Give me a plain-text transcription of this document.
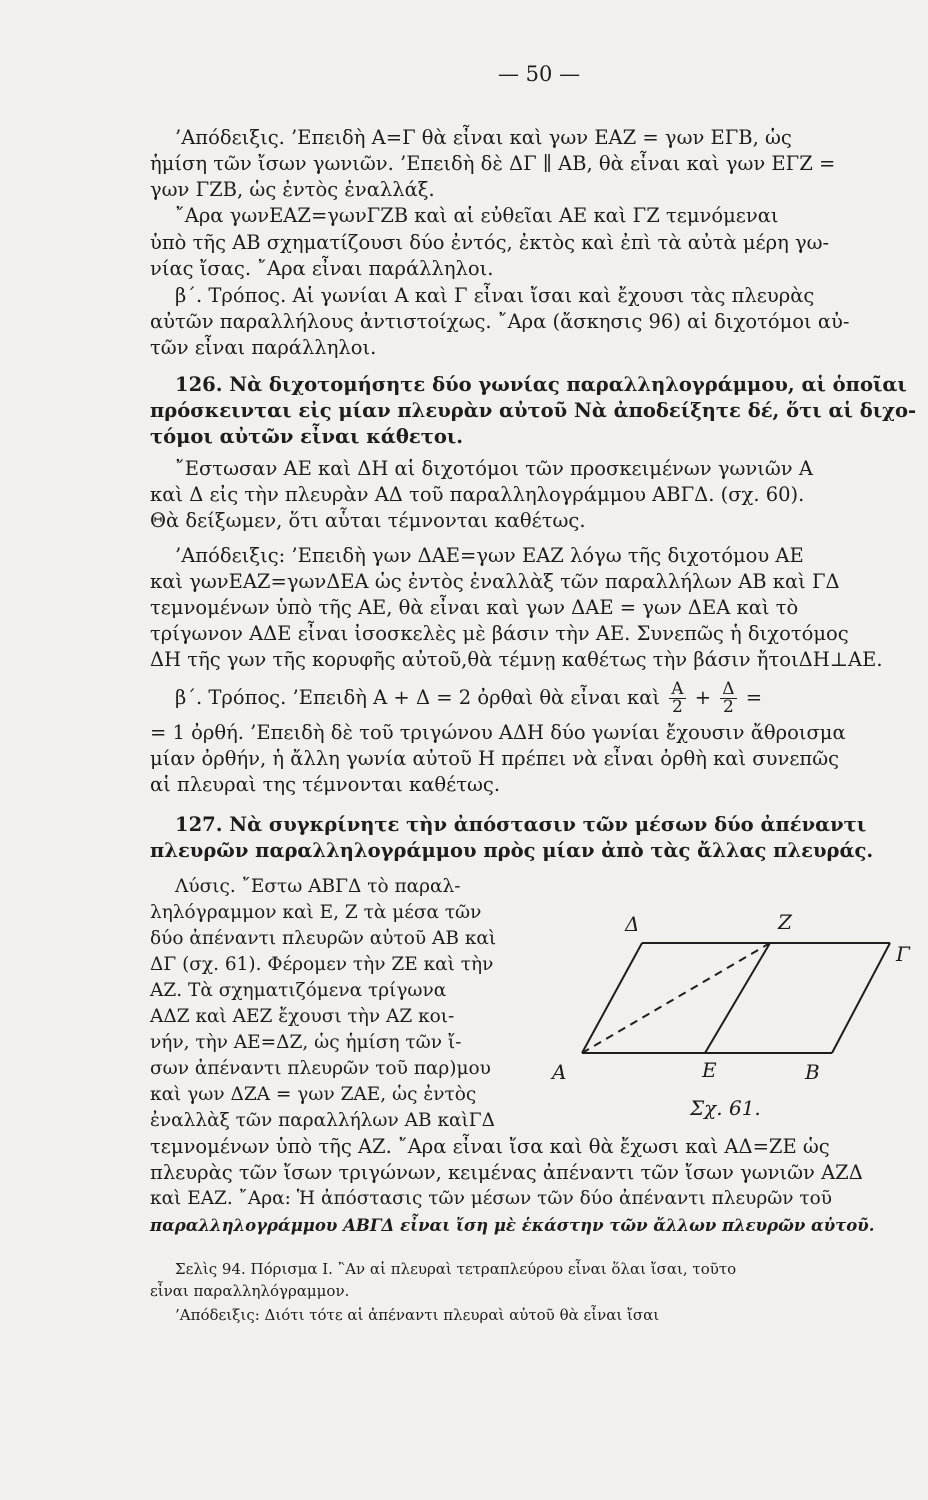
— 50 —
’Απόδειξις. ’Επειδὴ Α=Γ θὰ εἶναι καὶ γων ΕΑΖ = γων ΕΓΒ, ὡς
ἡμίση τῶν ἴσων γωνιῶν. ’Επειδὴ δὲ ΔΓ ∥ ΑΒ, θὰ εἶναι καὶ γων ΕΓΖ =
γων ΓΖΒ, ὡς ἐντὸς ἐναλλάξ.
῎Αρα γωνΕΑΖ=γωνΓΖΒ καὶ αἱ εὐθεῖαι ΑΕ καὶ ΓΖ τεμνόμεναι
ὑπὸ τῆς ΑΒ σχηματίζουσι δύο ἐντός, ἐκτὸς καὶ ἐπὶ τὰ αὐτὰ μέρη γω-
νίας ἴσας. ῎Αρα εἶναι παράλληλοι.
β΄. Τρόπος. Αἱ γωνίαι Α καὶ Γ εἶναι ἴσαι καὶ ἔχουσι τὰς πλευρὰς
αὐτῶν παραλλήλους ἀντιστοίχως. ῎Αρα (ἄσκησις 96) αἱ διχοτόμοι αὐ-
τῶν εἶναι παράλληλοι.
126. Νὰ διχοτομήσητε δύο γωνίας παραλληλογράμμου, αἱ ὁποῖαι
πρόσκεινται εἰς μίαν πλευρὰν αὐτοῦ Νὰ ἀποδείξητε δέ, ὅτι αἱ διχο-
τόμοι αὐτῶν εἶναι κάθετοι.
῎Εστωσαν ΑΕ καὶ ΔΗ αἱ διχοτόμοι τῶν προσκειμένων γωνιῶν Α
καὶ Δ εἰς τὴν πλευρὰν ΑΔ τοῦ παραλληλογράμμου ΑΒΓΔ. (σχ. 60).
Θὰ δείξωμεν, ὅτι αὗται τέμνονται καθέτως.
’Απόδειξις: ’Επειδὴ γων ΔΑΕ=γων ΕΑΖ λόγω τῆς διχοτόμου ΑΕ
καὶ γωνΕΑΖ=γωνΔΕΑ ὡς ἐντὸς ἐναλλὰξ τῶν παραλλήλων ΑΒ καὶ ΓΔ
τεμνομένων ὑπὸ τῆς ΑΕ, θὰ εἶναι καὶ γων ΔΑΕ = γων ΔΕΑ καὶ τὸ
τρίγωνον ΑΔΕ εἶναι ἰσοσκελὲς μὲ βάσιν τὴν ΑΕ. Συνεπῶς ἡ διχοτόμος
ΔΗ τῆς γων τῆς κορυφῆς αὐτοῦ,θὰ τέμνῃ καθέτως τὴν βάσιν ἤτοιΔΗ⊥ΑΕ.
β΄. Τρόπος. ’Επειδὴ Α + Δ = 2 ὀρθαὶ θὰ εἶναι καὶ $\frac{A}{2} + \frac{\Delta}{2}$ =
= 1 ὀρθή. ’Επειδὴ δὲ τοῦ τριγώνου ΑΔΗ δύο γωνίαι ἔχουσιν ἄθροισμα
μίαν ὀρθήν, ἡ ἄλλη γωνία αὐτοῦ Η πρέπει νὰ εἶναι ὀρθὴ καὶ συνεπῶς
αἱ πλευραὶ της τέμνονται καθέτως.
127. Νὰ συγκρίνητε τὴν ἀπόστασιν τῶν μέσων δύο ἀπέναντι
πλευρῶν παραλληλογράμμου πρὸς μίαν ἀπὸ τὰς ἄλλας πλευράς.
Λύσις. ῎Εστω ΑΒΓΔ τὸ παραλ-
ληλόγραμμον καὶ Ε, Ζ τὰ μέσα τῶν
δύο ἀπέναντι πλευρῶν αὐτοῦ ΑΒ καὶ
ΔΓ (σχ. 61). Φέρομεν τὴν ΖΕ καὶ τὴν
ΑΖ. Τὰ σχηματιζόμενα τρίγωνα
ΑΔΖ καὶ ΑΕΖ ἔχουσι τὴν ΑΖ κοι-
νήν, τὴν ΑΕ=ΔΖ, ὡς ἡμίση τῶν ἴ-
σων ἀπέναντι πλευρῶν τοῦ παρ)μου
καὶ γων ΔΖΑ = γων ΖΑΕ, ὡς ἐντὸς
ἐναλλὰξ τῶν παραλλήλων ΑΒ καὶΓΔ
τεμνομένων ὑπὸ τῆς ΑΖ. ῎Αρα εἶναι ἴσα καὶ θὰ ἔχωσι καὶ ΑΔ=ΖΕ ὡς
πλευρὰς τῶν ἴσων τριγώνων, κειμένας ἀπέναντι τῶν ἴσων γωνιῶν ΑΖΔ
καὶ ΕΑΖ. ῎Αρα: Ἡ ἀπόστασις τῶν μέσων τῶν δύο ἀπέναντι πλευρῶν τοῦ
παραλληλογράμμου ΑΒΓΔ εἶναι ἴση μὲ ἑκάστην τῶν ἄλλων πλευρῶν αὐτοῦ.
Σελὶς 94. Πόρισμα Ι. ῍Αν αἱ πλευραὶ τετραπλεύρου εἶναι ὅλαι ἴσαι, τοῦτο
εἶναι παραλληλόγραμμον.
’Απόδειξις: Διότι τότε αἱ ἀπέναντι πλευραὶ αὐτοῦ θὰ εἶναι ἴσαι
Δ	Ζ
Γ
Α	Ε	Β
Σχ. 61.
